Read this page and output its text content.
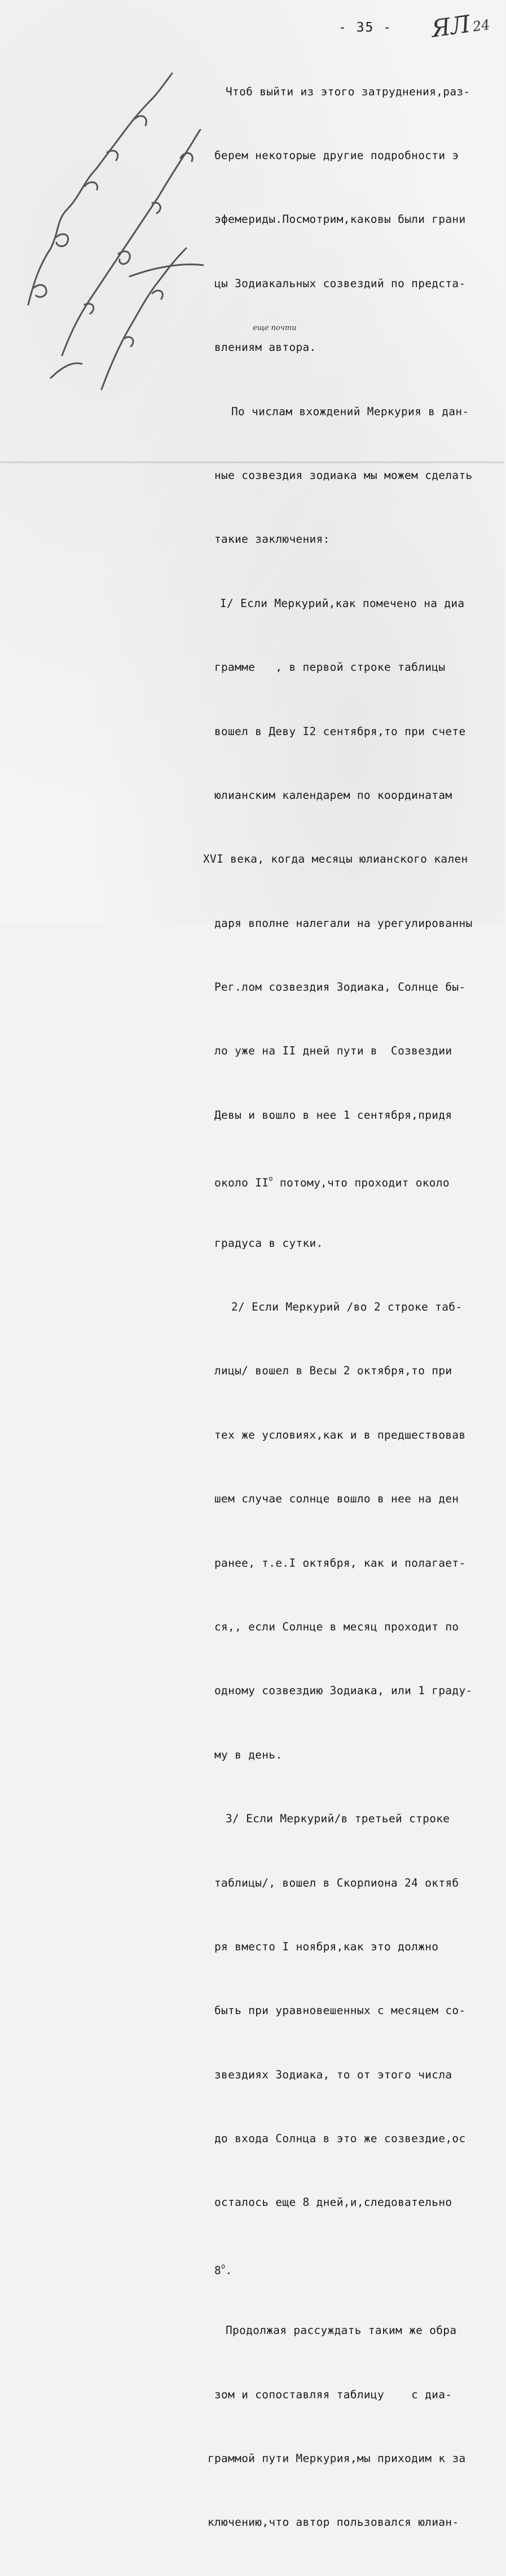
- 35 - ЯЛ24

Чтоб выйти из этого затруднения,раз-

берем некоторые другие подробности э

эфемериды.Посмотрим,каковы были грани

цы Зодиакальных созвездий по предста-

влениям автора.

По числам вхождений Меркурия в дан-

ные созвездия зодиака мы можем сделать

такие заключения:

I/ Если Меркурий,как помечено на диа

грамме   , в первой строке таблицы

вошел в Деву I2 сентября,то при счете

юлианским календарем по координатам

XVI века, когда месяцы юлианского кален

даря вполне налегали на урегулированны

Рег.лом созвездия Зодиака, Солнце бы-

ло уже на II дней пути в  Созвездии

Девы и вошло в нее 1 сентября,придя

около $II^о$ потому,что проходит около

градуса в сутки.

2/ Если Меркурий /во 2 строке таб-

лицы/ вошел в Весы 2 октября,то при

тех же условиях,как и в предшествовав

шем случае солнце вошло в нее на ден

ранее, т.е.I октября, как и полагает-

ся,, если Солнце в месяц проходит по

одному созвездию Зодиака, или 1 граду-

му в день.

3/ Если Меркурий/в третьей строке

таблицы/, вошел в Скорпиона 24 октяб

ря вместо I ноября,как это должно

быть при уравновешенных с месяцем со-

звездиях Зодиака, то от этого числа

до входа Солнца в это же созвездие,ос

осталось еще 8 дней,и,следовательно

$8^о$.

Продолжая рассуждать таким же обра

зом и сопоставляя таблицу    с диа-

граммой пути Меркурия,мы приходим к за

ключению,что автор пользовался юлиан-

еще почти
